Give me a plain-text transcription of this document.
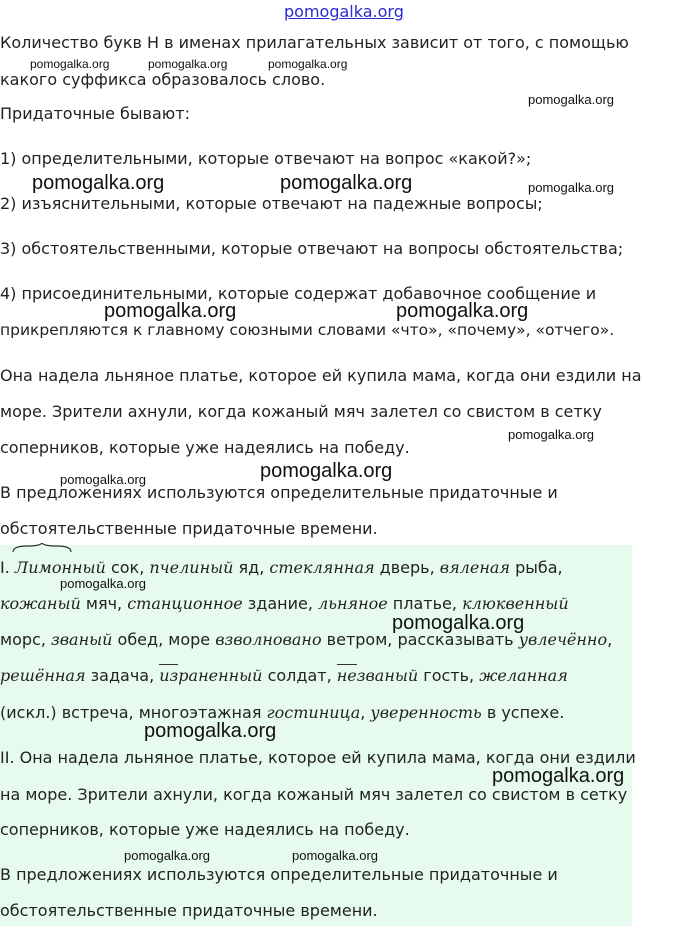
pomogalka.org
Количество букв Н в именах прилагательных зависит от того, с помощью
какого суффикса образовалось слово.
Придаточные бывают:
1) определительными, которые отвечают на вопрос «какой?»;
2) изъяснительными, которые отвечают на падежные вопросы;
3) обстоятельственными, которые отвечают на вопросы обстоятельства;
4) присоединительными, которые содержат добавочное сообщение и
прикрепляются к главному союзными словами «что», «почему», «отчего».
Она надела льняное платье, которое ей купила мама, когда они ездили на
море. Зрители ахнули, когда кожаный мяч залетел со свистом в сетку
соперников, которые уже надеялись на победу.
В предложениях используются определительные придаточные и
обстоятельственные придаточные времени.
I. Лимонный сок, пчелиный яд, стеклянная дверь, вяленая рыба,
кожаный мяч, станционное здание, льняное платье, клюквенный
морс, званый обед, море взволновано ветром, рассказывать увлечённо,
решённая задача, израненный солдат, незваный гость, желанная
(искл.) встреча, многоэтажная гостиница, уверенность в успехе.
II. Она надела льняное платье, которое ей купила мама, когда они ездили
на море. Зрители ахнули, когда кожаный мяч залетел со свистом в сетку
соперников, которые уже надеялись на победу.
В предложениях используются определительные придаточные и
обстоятельственные придаточные времени.
pomogalka.org	pomogalka.org	pomogalka.org
pomogalka.org
pomogalka.org	pomogalka.org	pomogalka.org
pomogalka.org	pomogalka.org
pomogalka.org
pomogalka.org
pomogalka.org
pomogalka.org
pomogalka.org
pomogalka.org
pomogalka.org
pomogalka.org	pomogalka.org
